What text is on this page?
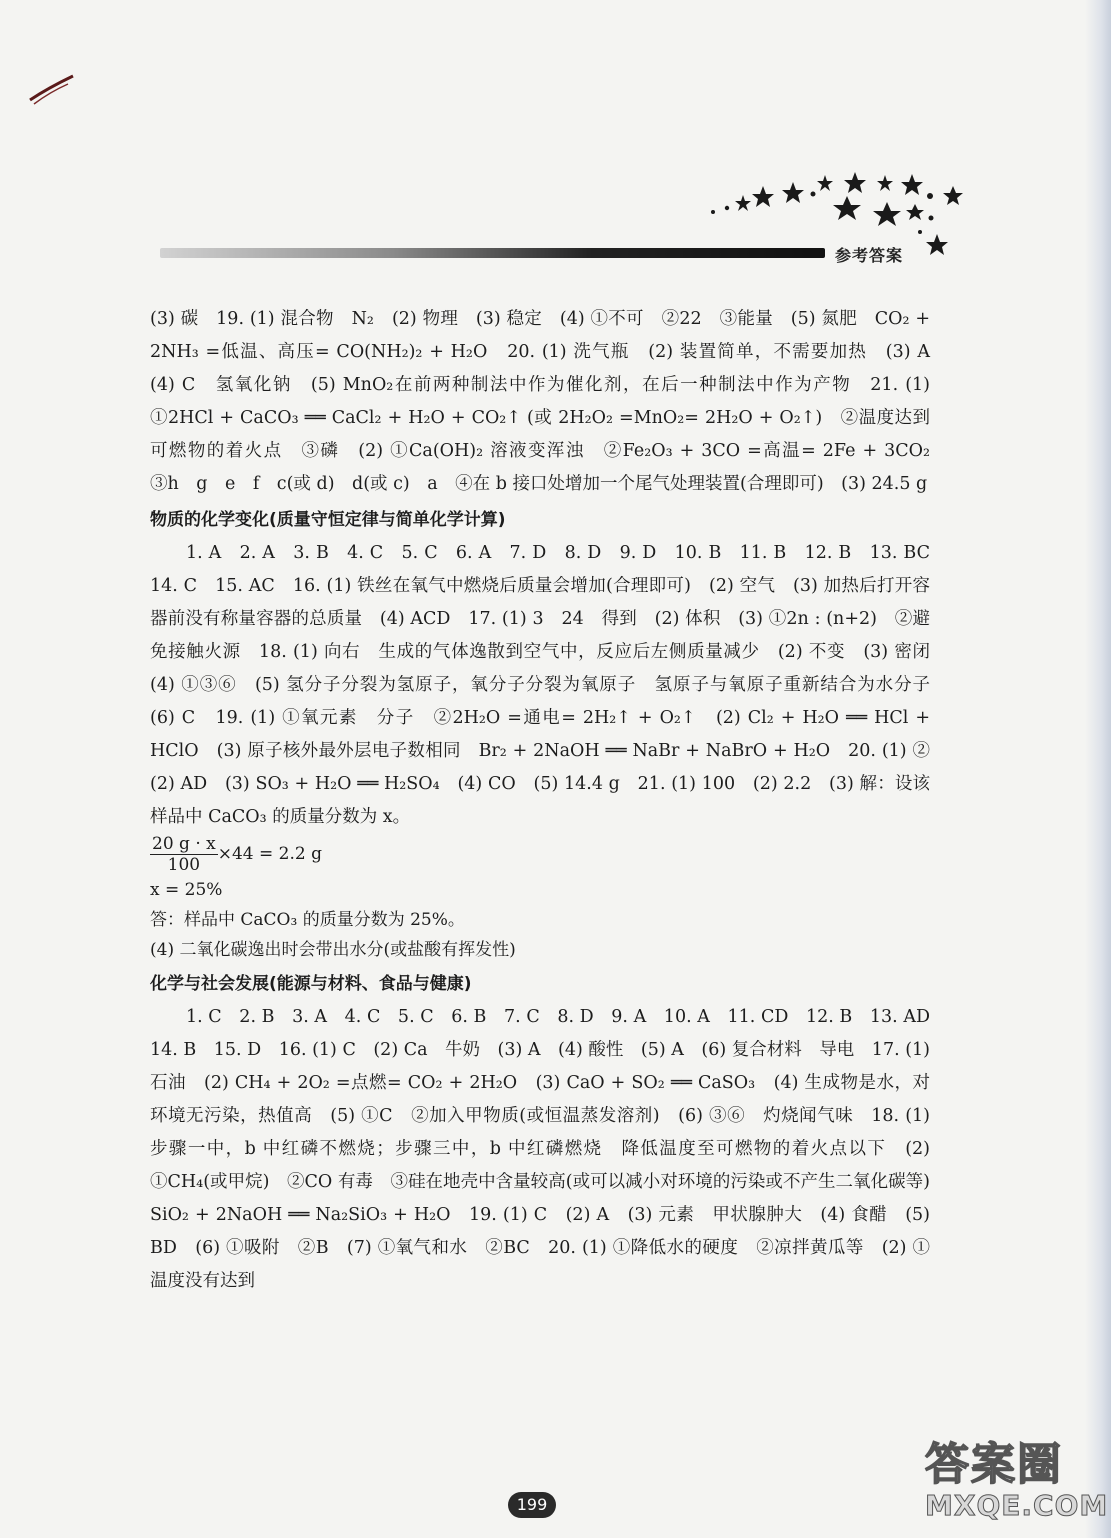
参考答案

(3) 碳　19. (1) 混合物　N₂　(2) 物理　(3) 稳定　(4) ①不可　②22　③能量　(5) 氮肥　CO₂ + 2NH₃ =低温、高压= CO(NH₂)₂ + H₂O　20. (1) 洗气瓶　(2) 装置简单，不需要加热　(3) A　(4) C　氢氧化钠　(5) MnO₂在前两种制法中作为催化剂，在后一种制法中作为产物　21. (1) ①2HCl + CaCO₃ ══ CaCl₂ + H₂O + CO₂↑ (或 2H₂O₂ =MnO₂= 2H₂O + O₂↑)　②温度达到可燃物的着火点　③磷　(2) ①Ca(OH)₂ 溶液变浑浊　②Fe₂O₃ + 3CO =高温= 2Fe + 3CO₂　③h　g　e　f　c(或 d)　d(或 c)　a　④在 b 接口处增加一个尾气处理装置(合理即可)　(3) 24.5 g

物质的化学变化(质量守恒定律与简单化学计算)

1. A　2. A　3. B　4. C　5. C　6. A　7. D　8. D　9. D　10. B　11. B　12. B　13. BC　14. C　15. AC　16. (1) 铁丝在氧气中燃烧后质量会增加(合理即可)　(2) 空气　(3) 加热后打开容器前没有称量容器的总质量　(4) ACD　17. (1) 3　24　得到　(2) 体积　(3) ①2n : (n+2)　②避免接触火源　18. (1) 向右　生成的气体逸散到空气中，反应后左侧质量减少　(2) 不变　(3) 密闭　(4) ①③⑥　(5) 氢分子分裂为氢原子，氧分子分裂为氧原子　氢原子与氧原子重新结合为水分子　(6) C　19. (1) ①氧元素　分子　②2H₂O =通电= 2H₂↑ + O₂↑　(2) Cl₂ + H₂O ══ HCl + HClO　(3) 原子核外最外层电子数相同　Br₂ + 2NaOH ══ NaBr + NaBrO + H₂O　20. (1) ②　(2) AD　(3) SO₃ + H₂O ══ H₂SO₄　(4) CO　(5) 14.4 g　21. (1) 100　(2) 2.2　(3) 解：设该样品中 CaCO₃ 的质量分数为 x。

$\frac{20 g \cdot x}{100} \times 44 = 2.2$ g
x = 25%
答：样品中 CaCO₃ 的质量分数为 25%。
(4) 二氧化碳逸出时会带出水分(或盐酸有挥发性)
化学与社会发展(能源与材料、食品与健康)

1. C　2. B　3. A　4. C　5. C　6. B　7. C　8. D　9. A　10. A　11. CD　12. B　13. AD　14. B　15. D　16. (1) C　(2) Ca　牛奶　(3) A　(4) 酸性　(5) A　(6) 复合材料　导电　17. (1) 石油　(2) CH₄ + 2O₂ =点燃= CO₂ + 2H₂O　(3) CaO + SO₂ ══ CaSO₃　(4) 生成物是水，对环境无污染，热值高　(5) ①C　②加入甲物质(或恒温蒸发溶剂)　(6) ③⑥　灼烧闻气味　18. (1) 步骤一中，b 中红磷不燃烧；步骤三中，b 中红磷燃烧　降低温度至可燃物的着火点以下　(2) ①CH₄(或甲烷)　②CO 有毒　③硅在地壳中含量较高(或可以减小对环境的污染或不产生二氧化碳等)　SiO₂ + 2NaOH ══ Na₂SiO₃ + H₂O　19. (1) C　(2) A　(3) 元素　甲状腺肿大　(4) 食醋　(5) BD　(6) ①吸附　②B　(7) ①氧气和水　②BC　20. (1) ①降低水的硬度　②凉拌黄瓜等　(2) ①温度没有达到

199
答案圈
MXQE.COM
